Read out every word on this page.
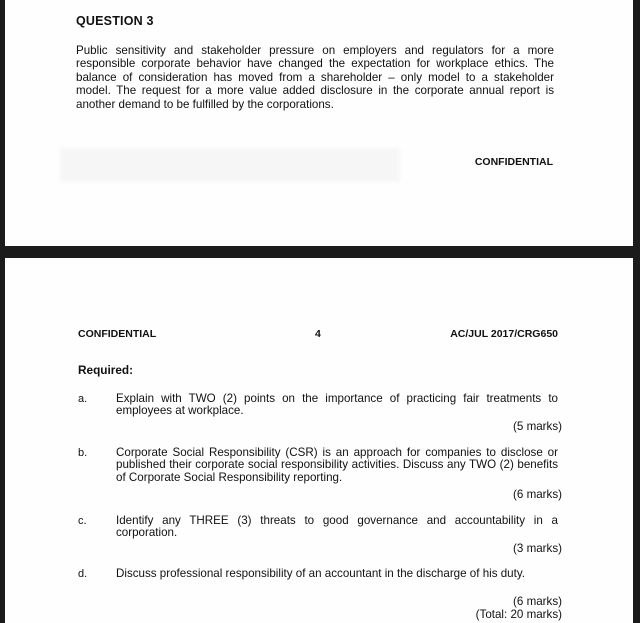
QUESTION 3
Public sensitivity and stakeholder pressure on employers and regulators for a more responsible corporate behavior have changed the expectation for workplace ethics. The balance of consideration has moved from a shareholder – only model to a stakeholder model. The request for a more value added disclosure in the corporate annual report is another demand to be fulfilled by the corporations.
CONFIDENTIAL
CONFIDENTIAL	4	AC/JUL 2017/CRG650
Required:
a. Explain with TWO (2) points on the importance of practicing fair treatments to employees at workplace.
(5 marks)
b. Corporate Social Responsibility (CSR) is an approach for companies to disclose or published their corporate social responsibility activities. Discuss any TWO (2) benefits of Corporate Social Responsibility reporting.
(6 marks)
c.	Identify any THREE (3) threats to good governance and accountability in a corporation.
(3 marks)
d. Discuss professional responsibility of an accountant in the discharge of his duty.
(6 marks)
(Total: 20 marks)
